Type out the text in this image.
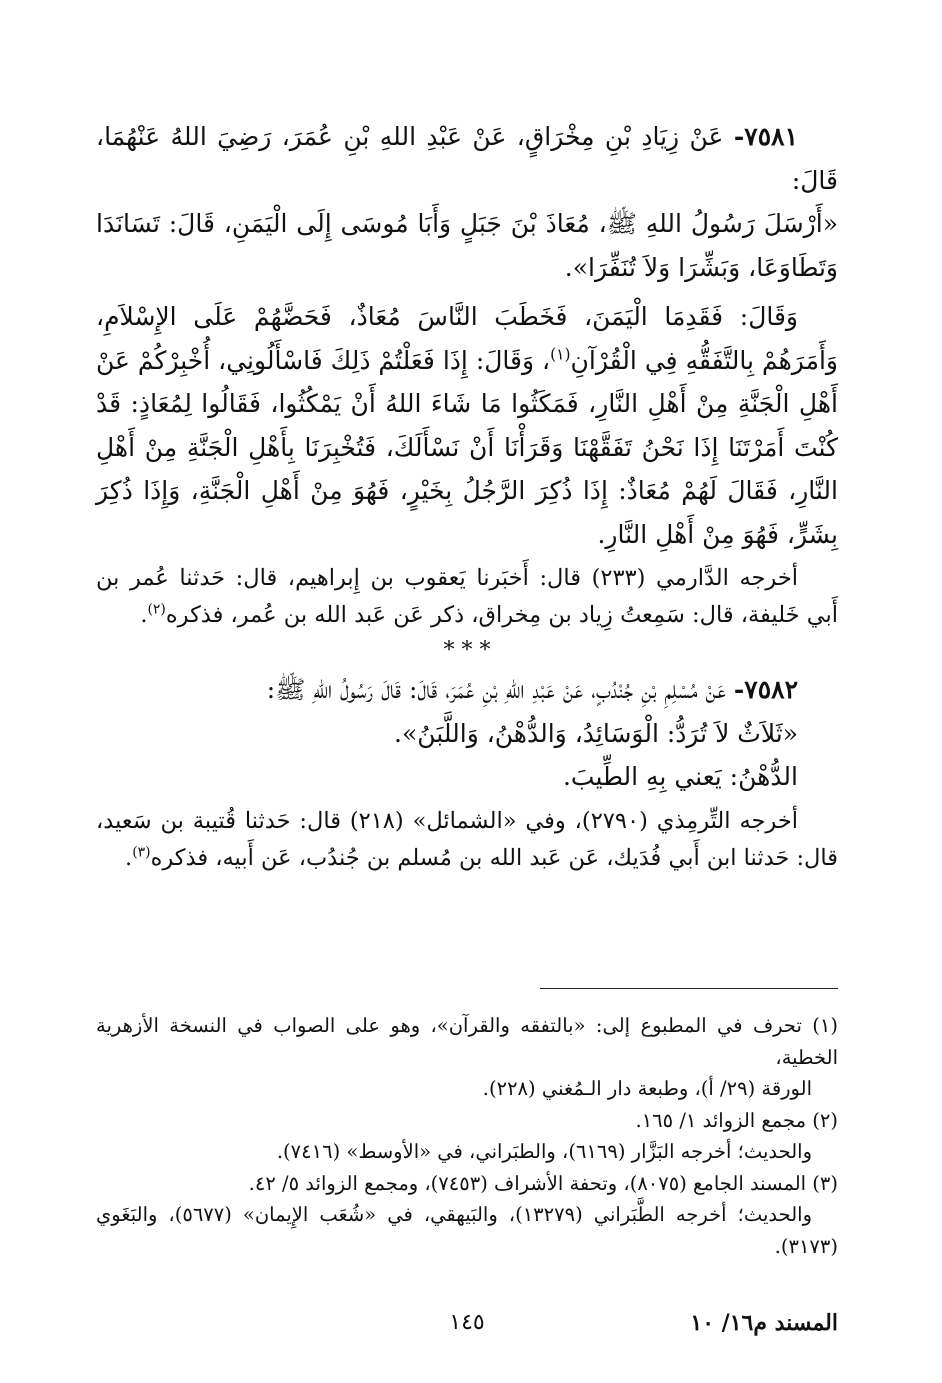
٧٥٨١- عَنْ زِيَادِ بْنِ مِخْرَاقٍ، عَنْ عَبْدِ اللهِ بْنِ عُمَرَ، رَضِيَ اللهُ عَنْهُمَا، قَالَ:

«أَرْسَلَ رَسُولُ اللهِ ﷺ، مُعَاذَ بْنَ جَبَلٍ وَأَبَا مُوسَى إِلَى الْيَمَنِ، قَالَ: تَسَانَدَا وَتَطَاوَعَا، وَبَشِّرَا وَلاَ تُنَفِّرَا».

وَقَالَ: فَقَدِمَا الْيَمَنَ، فَخَطَبَ النَّاسَ مُعَاذٌ، فَحَضَّهُمْ عَلَى الإِسْلاَمِ، وَأَمَرَهُمْ بِالتَّفَقُّهِ فِي الْقُرْآنِ$^{(١)}$، وَقَالَ: إِذَا فَعَلْتُمْ ذَلِكَ فَاسْأَلُونِي، أُخْبِرْكُمْ عَنْ أَهْلِ الْجَنَّةِ مِنْ أَهْلِ النَّارِ، فَمَكَثُوا مَا شَاءَ اللهُ أَنْ يَمْكُثُوا، فَقَالُوا لِمُعَاذٍ: قَدْ كُنْتَ أَمَرْتَنَا إِذَا نَحْنُ تَفَقَّهْنَا وَقَرَأْنَا أَنْ نَسْأَلَكَ، فَتُخْبِرَنَا بِأَهْلِ الْجَنَّةِ مِنْ أَهْلِ النَّارِ، فَقَالَ لَهُمْ مُعَاذٌ: إِذَا ذُكِرَ الرَّجُلُ بِخَيْرٍ، فَهُوَ مِنْ أَهْلِ الْجَنَّةِ، وَإِذَا ذُكِرَ بِشَرٍّ، فَهُوَ مِنْ أَهْلِ النَّارِ.

أخرجه الدَّارمي (٢٣٣) قال: أَخبَرنا يَعقوب بن إِبراهيم، قال: حَدثنا عُمر بن أَبي خَليفة، قال: سَمِعتُ زِياد بن مِخراق، ذكر عَن عَبد الله بن عُمر، فذكره$^{(٢)}$.

* * *

٧٥٨٢- عَنْ مُسْلِمِ بْنِ جُنْدُبٍ، عَنْ عَبْدِ اللهِ بْنِ عُمَرَ، قَالَ: قَالَ رَسُولُ اللهِ ﷺ:

«ثَلاَثٌ لاَ تُرَدُّ: الْوَسَائِدُ، وَالدُّهْنُ، وَاللَّبَنُ».

الدُّهْنُ: يَعني بِهِ الطِّيبَ.

أخرجه التِّرمِذي (٢٧٩٠)، وفي «الشمائل» (٢١٨) قال: حَدثنا قُتيبة بن سَعيد، قال: حَدثنا ابن أَبي فُدَيك، عَن عَبد الله بن مُسلم بن جُندُب، عَن أَبيه، فذكره$^{(٣)}$.

(١) تحرف في المطبوع إلى: «بالتفقه والقرآن»، وهو على الصواب في النسخة الأزهرية الخطية،

الورقة (٢٩/ أ)، وطبعة دار الـمُغني (٢٢٨).

(٢) مجمع الزوائد ١/ ١٦٥.

والحديث؛ أخرجه البَزَّار (٦١٦٩)، والطبَراني، في «الأوسط» (٧٤١٦).

(٣) المسند الجامع (٨٠٧٥)، وتحفة الأشراف (٧٤٥٣)، ومجمع الزوائد ٥/ ٤٢.

والحديث؛ أخرجه الطَّبَراني (١٣٢٧٩)، والبَيهقي، في «شُعَب الإِيمان» (٥٦٧٧)، والبَغَوي (٣١٧٣).

المسند م١٦/ ١٠
١٤٥
